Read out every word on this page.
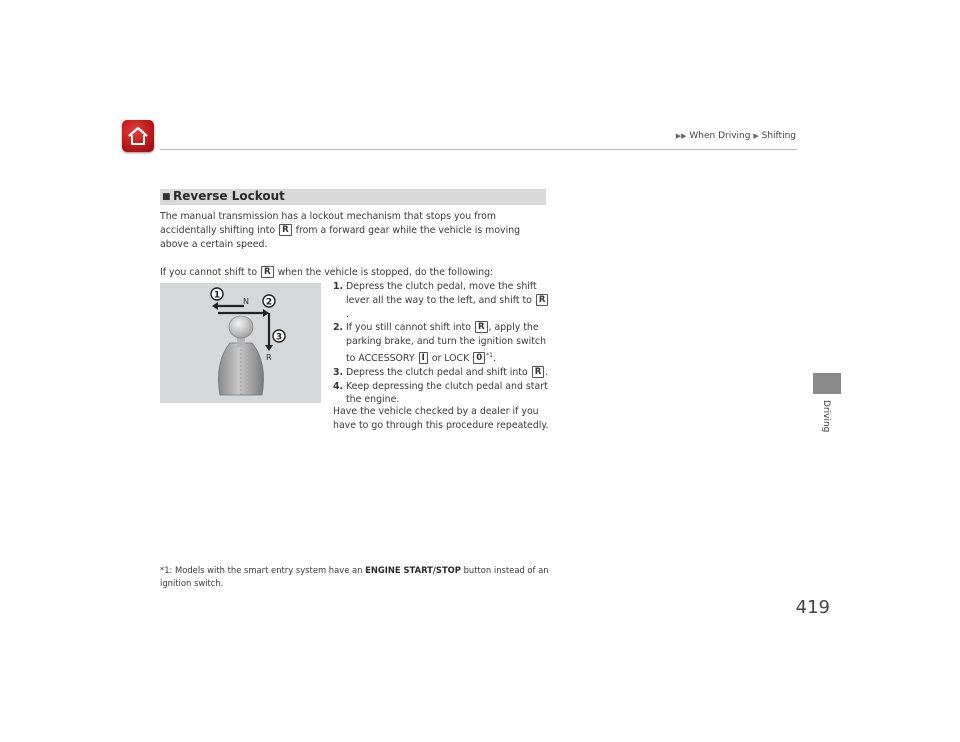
▶▶ When Driving ▶ Shifting
Driving
■ Reverse Lockout
The manual transmission has a lockout mechanism that stops you from accidentally shifting into R from a forward gear while the vehicle is moving above a certain speed.
If you cannot shift to R when the vehicle is stopped, do the following:
1
2
3
N
R
1. Depress the clutch pedal, move the shift lever all the way to the left, and shift to R.
2. If you still cannot shift into R , apply the parking brake, and turn the ignition switch to ACCESSORY I or LOCK 0 $^{*1}$.
3. Depress the clutch pedal and shift into R .
4. Keep depressing the clutch pedal and start the engine.
Have the vehicle checked by a dealer if you have to go through this procedure repeatedly.
*1: Models with the smart entry system have an ENGINE START/STOP button instead of an ignition switch.
419
